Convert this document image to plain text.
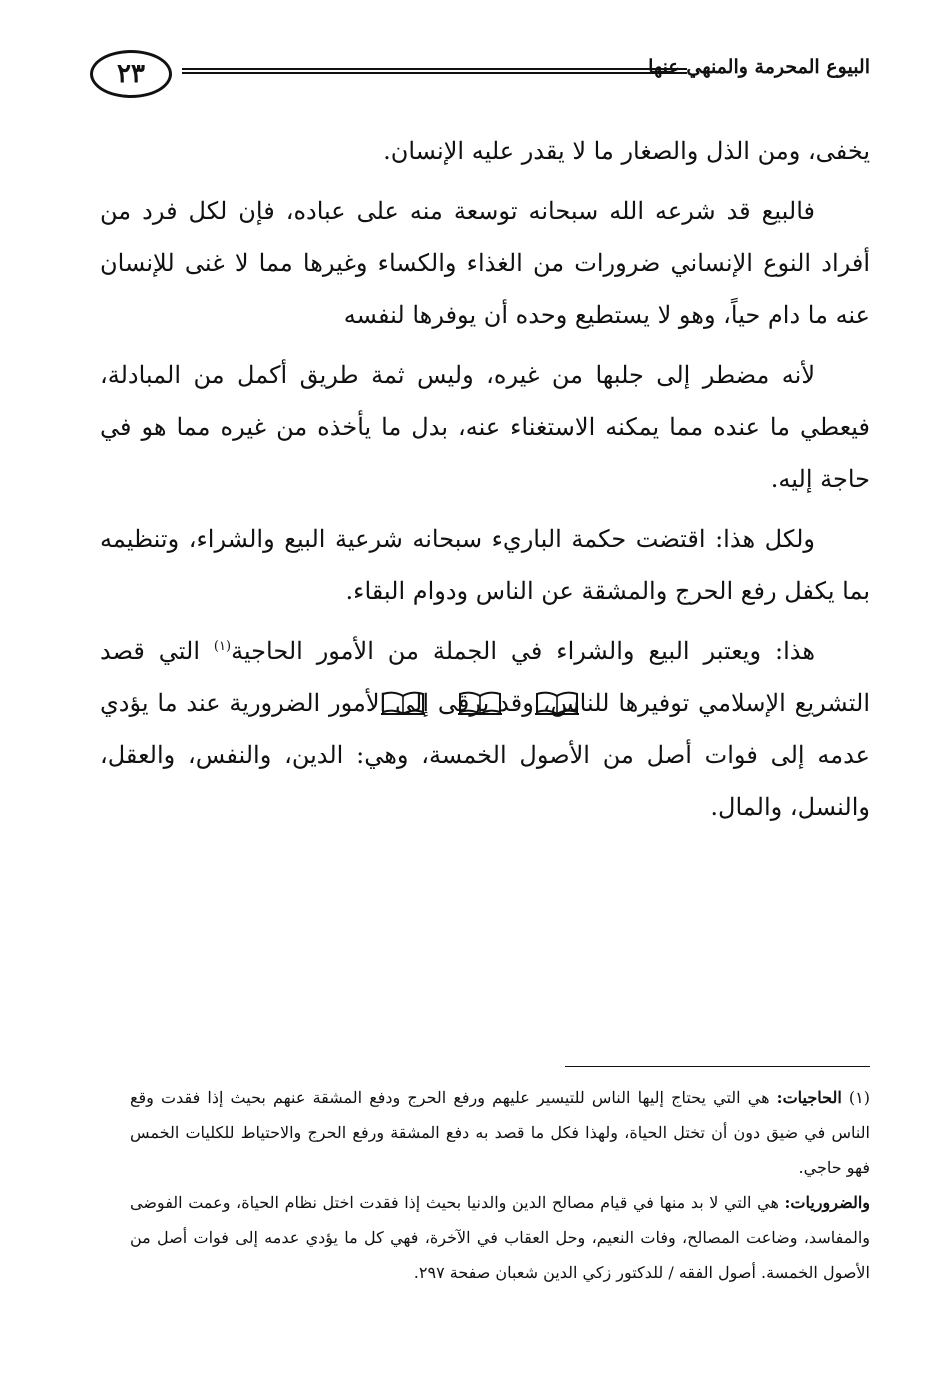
٢٣	البيوع المحرمة والمنهي عنها

يخفى، ومن الذل والصغار ما لا يقدر عليه الإنسان.

فالبيع قد شرعه الله سبحانه توسعة منه على عباده، فإن لكل فرد من أفراد النوع الإنساني ضرورات من الغذاء والكساء وغيرها مما لا غنى للإنسان عنه ما دام حياً، وهو لا يستطيع وحده أن يوفرها لنفسه

لأنه مضطر إلى جلبها من غيره، وليس ثمة طريق أكمل من المبادلة، فيعطي ما عنده مما يمكنه الاستغناء عنه، بدل ما يأخذه من غيره مما هو في حاجة إليه.

ولكل هذا: اقتضت حكمة الباريء سبحانه شرعية البيع والشراء، وتنظيمه بما يكفل رفع الحرج والمشقة عن الناس ودوام البقاء.

هذا: ويعتبر البيع والشراء في الجملة من الأمور الحاجية$^{(١)}$ التي قصد التشريع الإسلامي توفيرها للناس، وقد يرقى إلى الأمور الضرورية عند ما يؤدي عدمه إلى فوات أصل من الأصول الخمسة، وهي: الدين، والنفس، والعقل، والنسل، والمال.

(١) الحاجيات: هي التي يحتاج إليها الناس للتيسير عليهم ورفع الحرج ودفع المشقة عنهم بحيث إذا فقدت وقع الناس في ضيق دون أن تختل الحياة، ولهذا فكل ما قصد به دفع المشقة ورفع الحرج والاحتياط للكليات الخمس فهو حاجي.

والضروريات: هي التي لا بد منها في قيام مصالح الدين والدنيا بحيث إذا فقدت اختل نظام الحياة، وعمت الفوضى والمفاسد، وضاعت المصالح، وفات النعيم، وحل العقاب في الآخرة، فهي كل ما يؤدي عدمه إلى فوات أصل من الأصول الخمسة. أصول الفقه / للدكتور زكي الدين شعبان صفحة ٢٩٧.
